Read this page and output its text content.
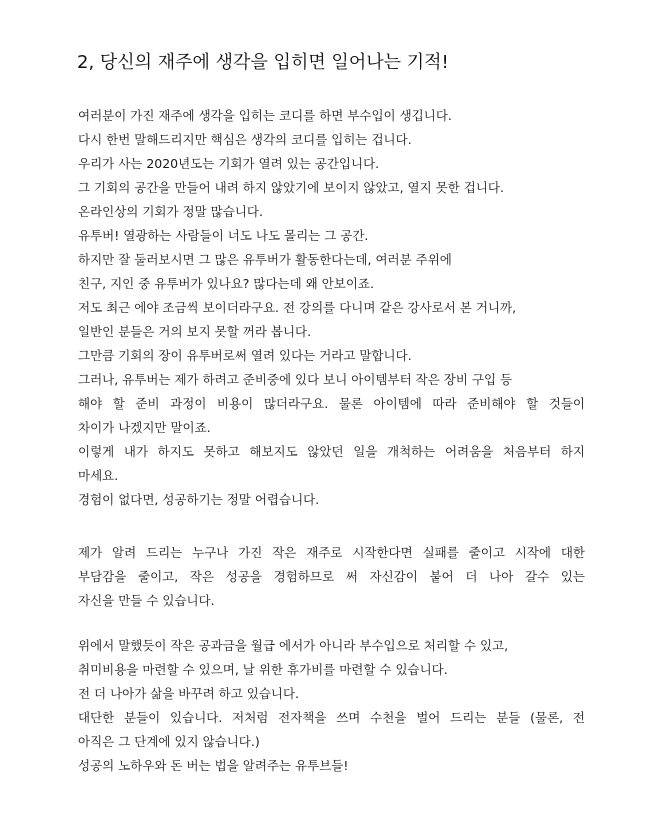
2, 당신의 재주에 생각을 입히면 일어나는 기적!
여러분이 가진 재주에 생각을 입히는 코디를 하면 부수입이 생깁니다.
다시 한번 말해드리지만 핵심은 생각의 코디를 입히는 겁니다.
우리가 사는 2020년도는 기회가 열려 있는 공간입니다.
그 기회의 공간을 만들어 내려 하지 않았기에 보이지 않았고, 열지 못한 겁니다.
온라인상의 기회가 정말 많습니다.
유투버! 열광하는 사람들이 너도 나도 몰리는 그 공간.
하지만 잘 둘러보시면 그 많은 유투버가 활동한다는데, 여러분 주위에
친구, 지인 중 유투버가 있나요? 많다는데 왜 안보이죠.
저도 최근 에야 조금씩 보이더라구요. 전 강의를 다니며 같은 강사로서 본 거니까,
일반인 분들은 거의 보지 못할 꺼라 봅니다.
그만큼 기회의 장이 유투버로써 열려 있다는 거라고 말합니다.
그러나, 유투버는 제가 하려고 준비중에 있다 보니 아이템부터 작은 장비 구입 등
해야 할 준비 과정이 비용이 많더라구요. 물론 아이템에 따라 준비해야 할 것들이
차이가 나겠지만 말이죠.
이렇게 내가 하지도 못하고 해보지도 않았던 일을 개척하는 어려움을 처음부터 하지
마세요.
경험이 없다면, 성공하기는 정말 어렵습니다.
제가 알려 드리는 누구나 가진 작은 재주로 시작한다면 실패를 줄이고 시작에 대한
부담감을 줄이고, 작은 성공을 경험하므로 써 자신감이 붙어 더 나아 갈수 있는
자신을 만들 수 있습니다.
위에서 말했듯이 작은 공과금을 월급 에서가 아니라 부수입으로 처리할 수 있고,
취미비용을 마련할 수 있으며, 날 위한 휴가비를 마련할 수 있습니다.
전 더 나아가 삶을 바꾸려 하고 있습니다.
대단한 분들이 있습니다. 저처럼 전자책을 쓰며 수천을 벌어 드리는 분들 (물론, 전
아직은 그 단계에 있지 않습니다.)
성공의 노하우와 돈 버는 법을 알려주는 유투브들!
